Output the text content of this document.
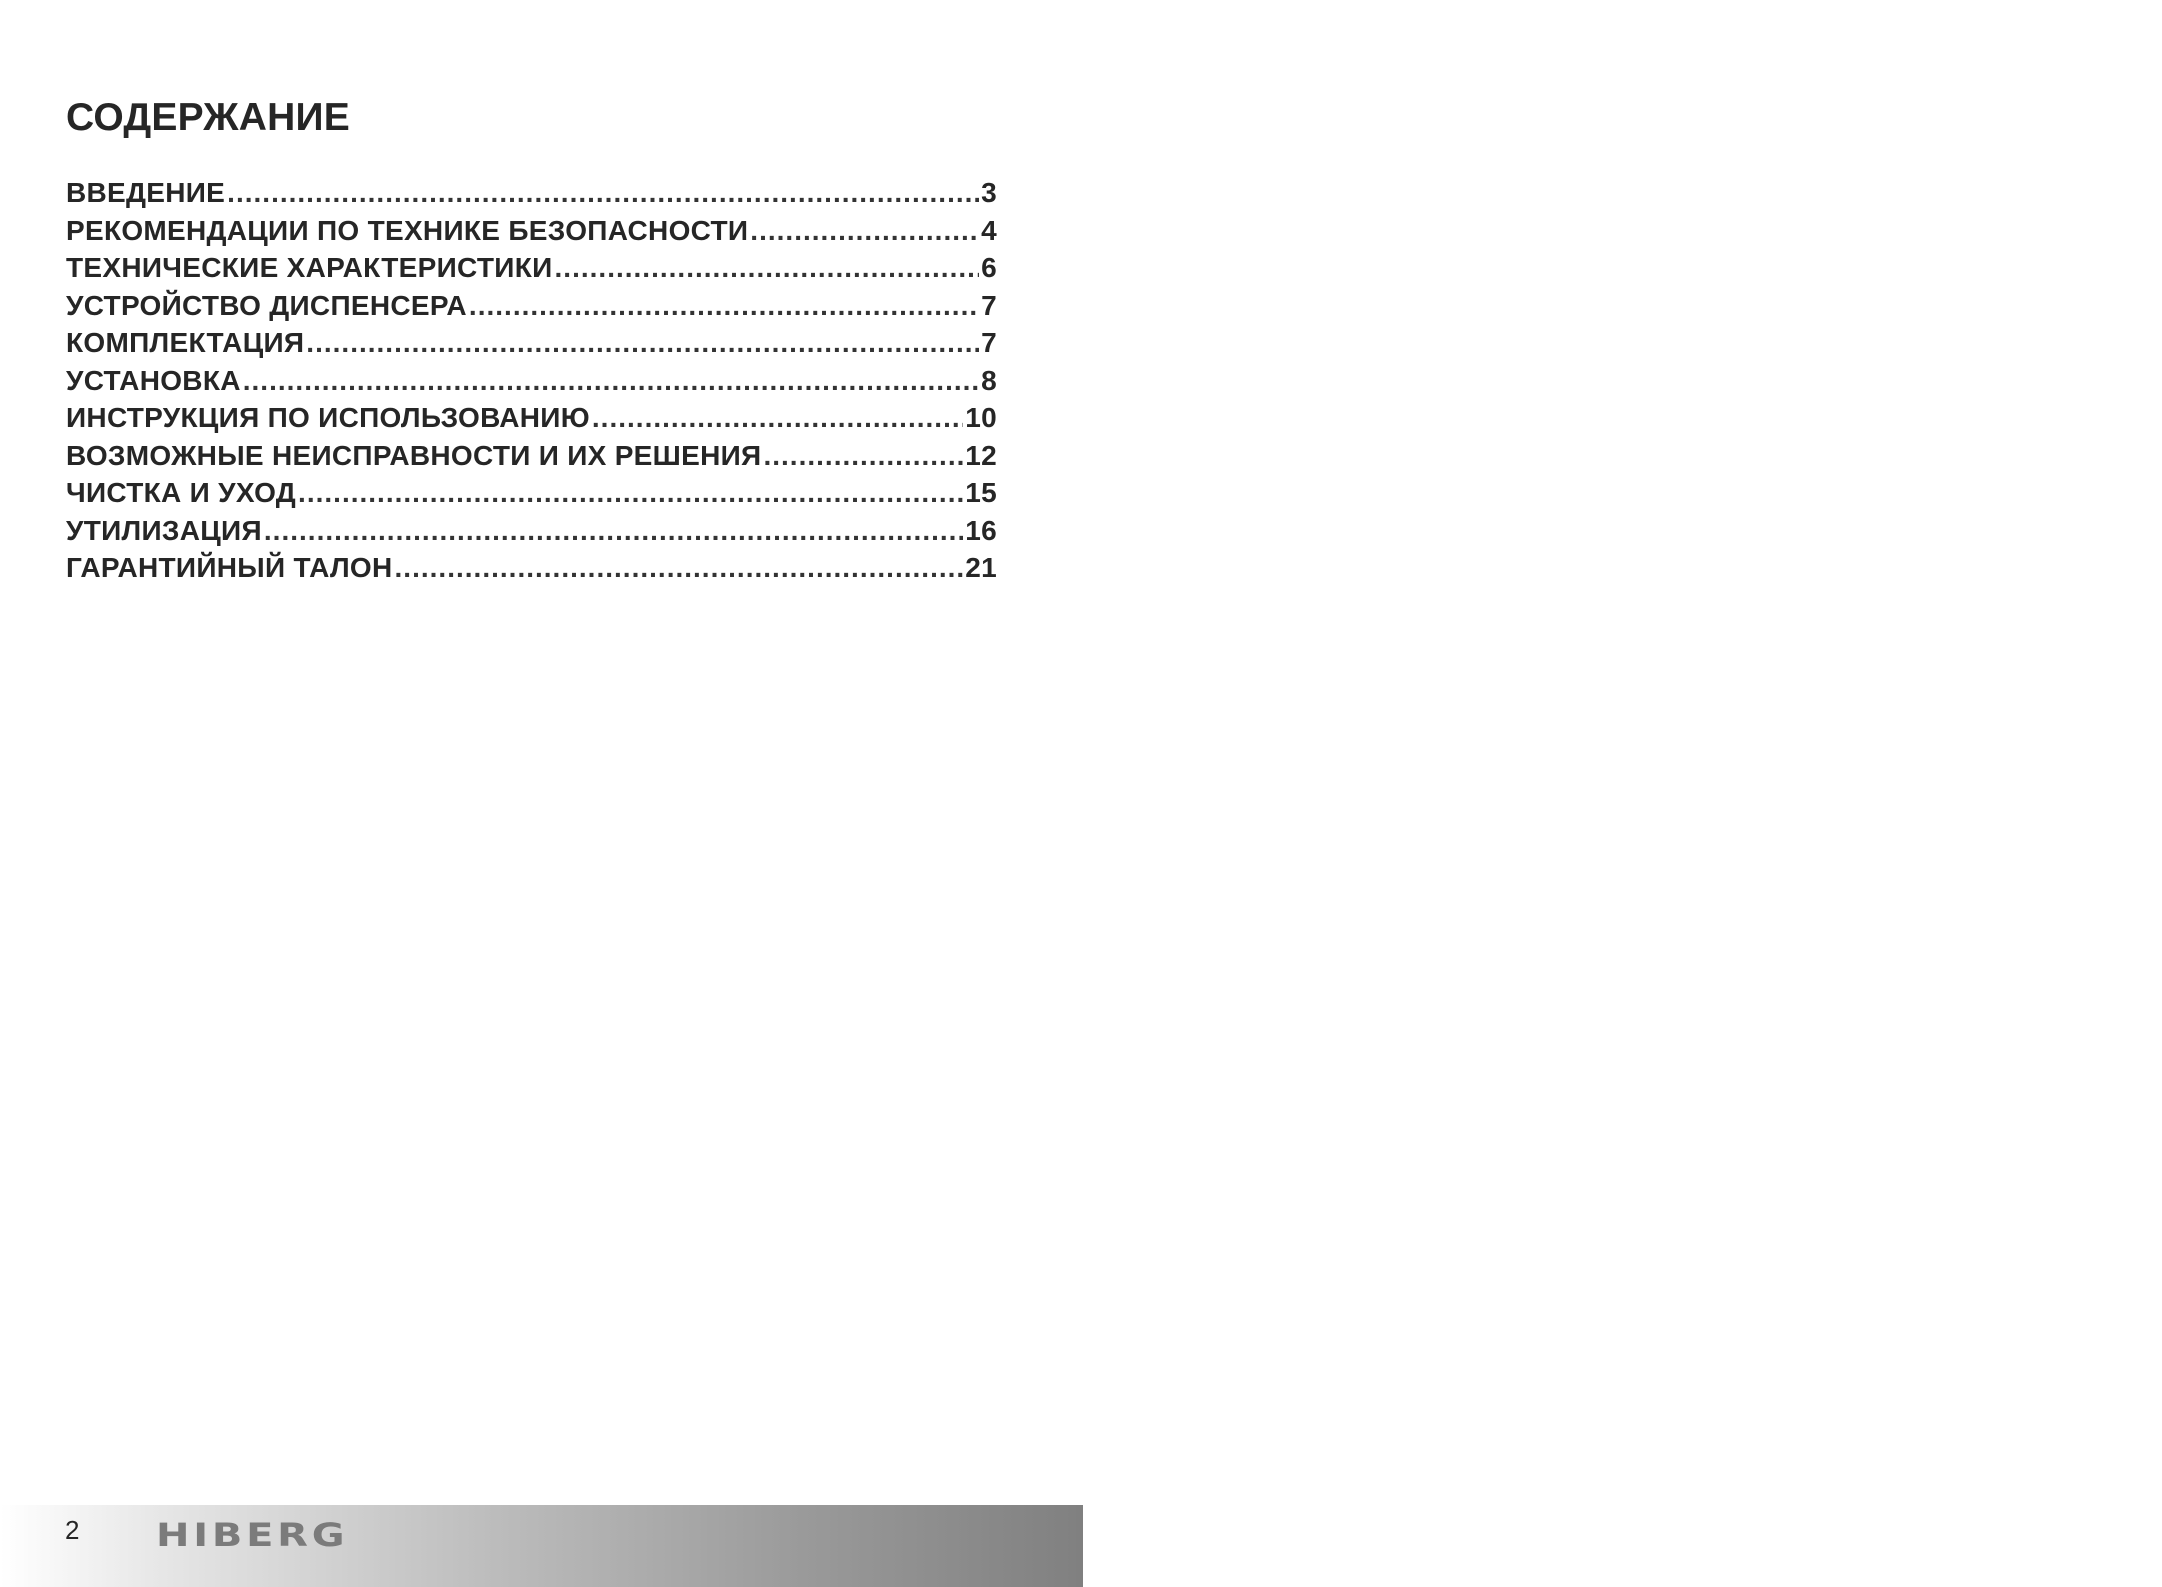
СОДЕРЖАНИЕ
ВВЕДЕНИЕ .....	3
РЕКОМЕНДАЦИИ ПО ТЕХНИКЕ БЕЗОПАСНОСТИ .....	4
ТЕХНИЧЕСКИЕ ХАРАКТЕРИСТИКИ .....	6
УСТРОЙСТВО ДИСПЕНСЕРА .....	7
КОМПЛЕКТАЦИЯ .....	7
УСТАНОВКА .....	8
ИНСТРУКЦИЯ ПО ИСПОЛЬЗОВАНИЮ .....	10
ВОЗМОЖНЫЕ НЕИСПРАВНОСТИ И ИХ РЕШЕНИЯ .....	12
ЧИСТКА И УХОД .....	15
УТИЛИЗАЦИЯ .....	16
ГАРАНТИЙНЫЙ ТАЛОН .....	21
2 HIBERG
